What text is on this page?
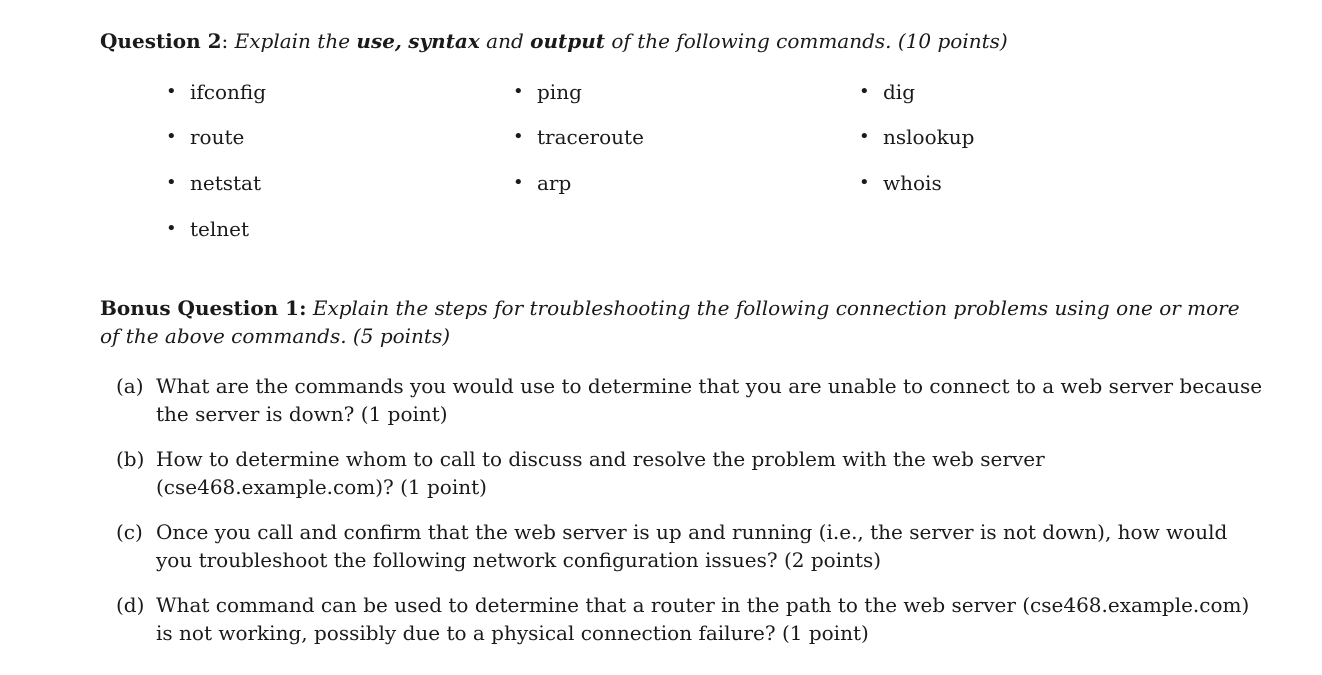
Question 2: Explain the use, syntax and output of the following commands. (10 points)
• ifconfig
• route
• netstat
• telnet
• ping
• traceroute
• arp
• dig
• nslookup
• whois
Bonus Question 1: Explain the steps for troubleshooting the following connection problems using one or more of the above commands. (5 points)
(a) What are the commands you would use to determine that you are unable to connect to a web server because the server is down? (1 point)
(b) How to determine whom to call to discuss and resolve the problem with the web server (cse468.example.com)? (1 point)
(c) Once you call and confirm that the web server is up and running (i.e., the server is not down), how would you troubleshoot the following network configuration issues? (2 points)
(d) What command can be used to determine that a router in the path to the web server (cse468.example.com) is not working, possibly due to a physical connection failure? (1 point)
